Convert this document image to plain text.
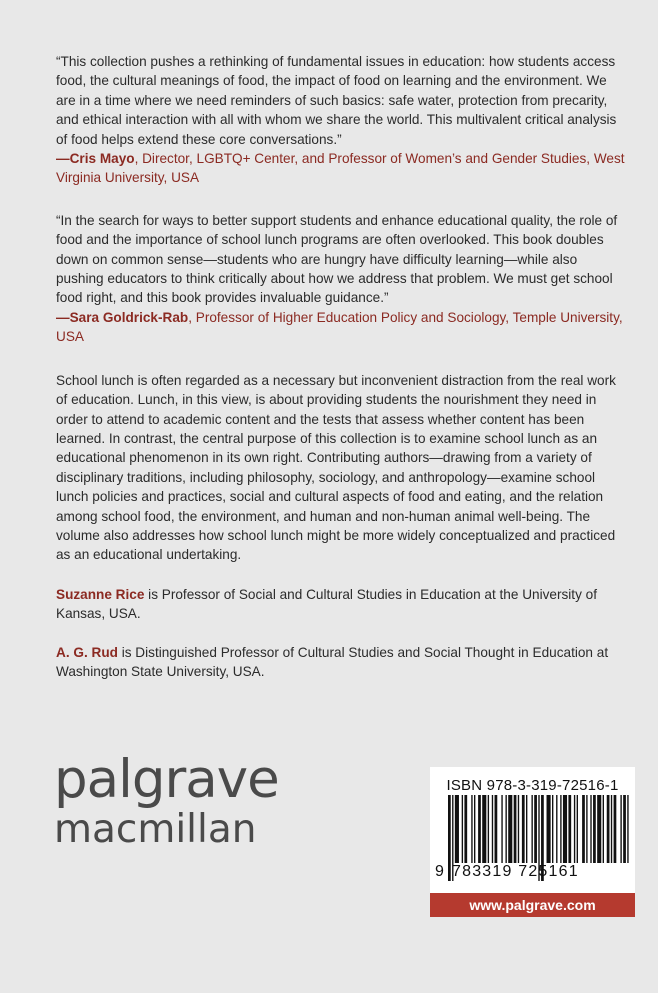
“This collection pushes a rethinking of fundamental issues in education: how students access food, the cultural meanings of food, the impact of food on learning and the environment. We are in a time where we need reminders of such basics: safe water, protection from precarity, and ethical interaction with all with whom we share the world. This multivalent critical analysis of food helps extend these core conversations.”
—Cris Mayo, Director, LGBTQ+ Center, and Professor of Women’s and Gender Studies, West Virginia University, USA

“In the search for ways to better support students and enhance educational quality, the role of food and the importance of school lunch programs are often overlooked. This book doubles down on common sense—students who are hungry have difficulty learning—while also pushing educators to think critically about how we address that problem. We must get school food right, and this book provides invaluable guidance.”
—Sara Goldrick-Rab, Professor of Higher Education Policy and Sociology, Temple University, USA

School lunch is often regarded as a necessary but inconvenient distraction from the real work of education. Lunch, in this view, is about providing students the nourishment they need in order to attend to academic content and the tests that assess whether content has been learned. In contrast, the central purpose of this collection is to examine school lunch as an educational phenomenon in its own right. Contributing authors—drawing from a variety of disciplinary traditions, including philosophy, sociology, and anthropology—examine school lunch policies and practices, social and cultural aspects of food and eating, and the relation among school food, the environment, and human and non-human animal well-being. The volume also addresses how school lunch might be more widely conceptualized and practiced as an educational undertaking.

Suzanne Rice is Professor of Social and Cultural Studies in Education at the University of Kansas, USA.

A. G. Rud is Distinguished Professor of Cultural Studies and Social Thought in Education at Washington State University, USA.

palgrave
macmillan
ISBN 978-3-319-72516-1
9 783319 725161
www.palgrave.com
